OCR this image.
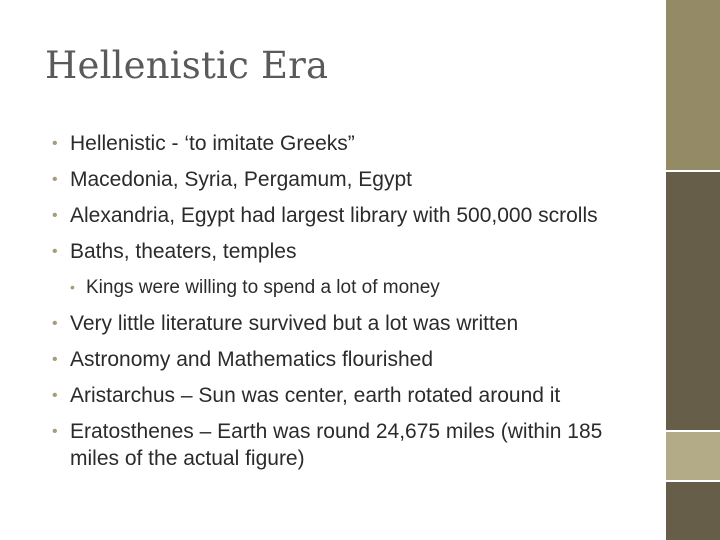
Hellenistic Era
• Hellenistic - ‘to imitate Greeks”
• Macedonia, Syria, Pergamum, Egypt
• Alexandria, Egypt had largest library with 500,000 scrolls
• Baths, theaters, temples
• Kings were willing to spend a lot of money
• Very little literature survived but a lot was written
• Astronomy and Mathematics flourished
• Aristarchus – Sun was center, earth rotated around it
• Eratosthenes – Earth was round 24,675 miles (within 185 miles of the actual figure)
